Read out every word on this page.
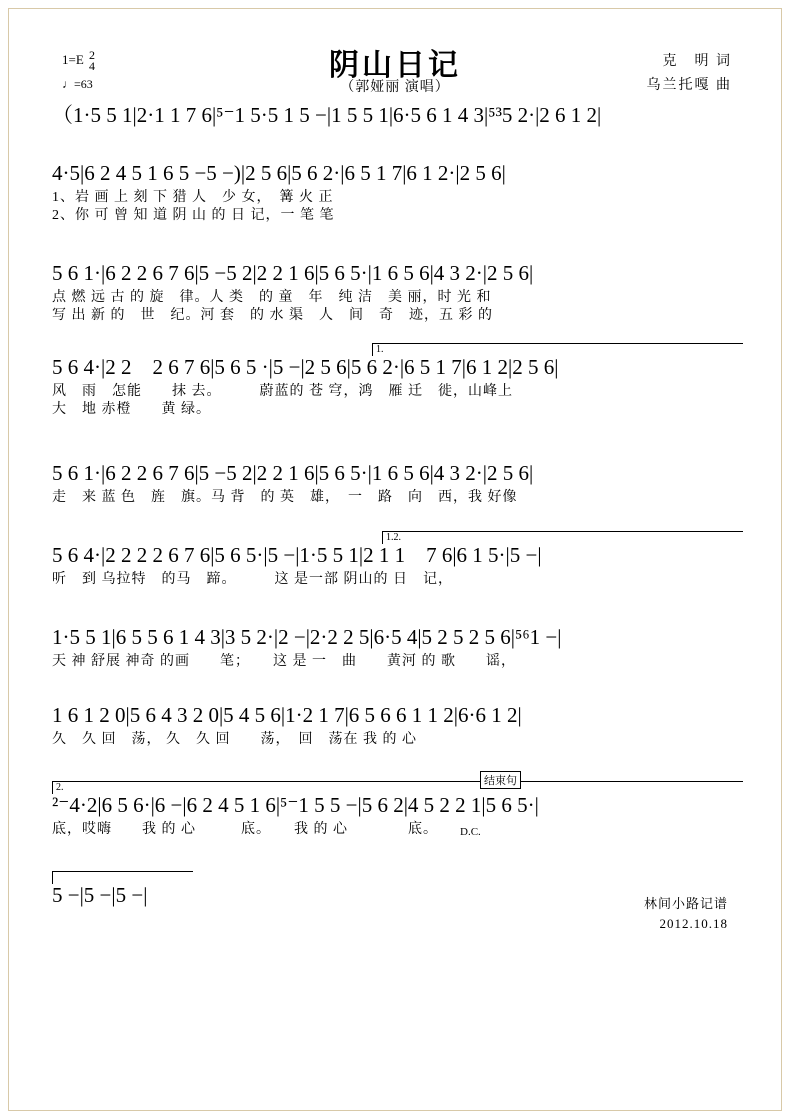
1=E 2
4
♩=63
阴山日记
（郭娅丽 演唱）
克　明 词
乌兰托嘎 曲
（1·5 5 1|2·1 1 7 6|⁵⁻1 5·5 1 5 −|1 5 5 1|6·5 6 1 4 3|⁵³5 2·|2 6 1 2|
4·5|6 2 4 5 1 6 5 −5 −)|2 5 6|5 6 2·|6 5 1 7|6 1 2·|2 5 6|
1、岩 画 上 刻 下 猎 人　少 女，　篝 火 正
2、你 可 曾 知 道 阴 山 的 日 记，一 笔 笔
5 6 1·|6 2 2 6 7 6|5 −5 2|2 2 1 6|5 6 5·|1 6 5 6|4 3 2·|2 5 6|
点 燃 远 古 的 旋　律。人 类　的 童　年　纯 洁　美 丽，时 光 和
写 出 新 的　世　纪。河 套　的 水 渠　人　间　奇　迹，五 彩 的
1.
5 6 4·|2 2　2 6 7 6|5 6 5 ·|5 −|2 5 6|5 6 2·|6 5 1 7|6 1 2|2 5 6|
风　雨　怎能　　抹 去。　　　蔚蓝的 苍 穹，鸿　雁 迁　徙，山峰上
大　地 赤橙　　黄 绿。
5 6 1·|6 2 2 6 7 6|5 −5 2|2 2 1 6|5 6 5·|1 6 5 6|4 3 2·|2 5 6|
走　来 蓝 色　旌　旗。马 背　的 英　雄，　一　路　向　西，我 好像
1.2.
5 6 4·|2 2 2 2 6 7 6|5 6 5·|5 −|1·5 5 1|2 1 1　7 6|6 1 5·|5 −|
听　到 乌拉特　的马　蹄。　　　这 是一部 阴山的 日　记，
1·5 5 1|6 5 5 6 1 4 3|3 5 2·|2 −|2·2 2 5|6·5 4|5 2 5 2 5 6|⁵⁶1 −|
天 神 舒展 神奇 的画　　笔；　　这 是 一　曲　　黄河 的 歌　　谣，
1 6 1 2 0|5 6 4 3 2 0|5 4 5 6|1·2 1 7|6 5 6 6 1 1 2|6·6 1 2|
久　久 回　荡， 久　久 回　　荡，　回　荡在 我 的 心
2.
结束句
D.C.
²⁻4·2|6 5 6·|6 −|6 2 4 5 1 6|⁵⁻1 5 5 −|5 6 2|4 5 2 2 1|5 6 5·|
底，哎嗨　　我 的 心　　　底。　　我 的 心　　　　底。
5 −|5 −|5 −|	林间小路记谱
2012.10.18
